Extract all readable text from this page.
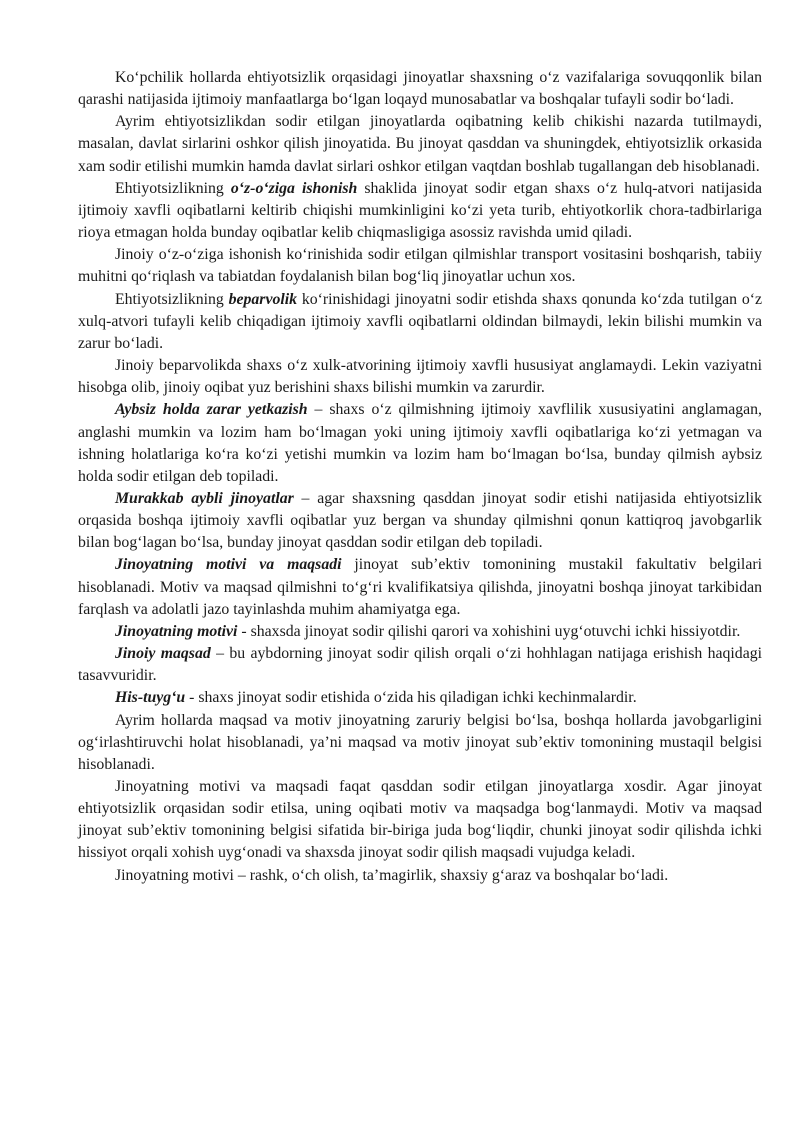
Koʻpchilik hollarda ehtiyotsizlik orqasidagi jinoyatlar shaxsning oʻz vazifalariga sovuqqonlik bilan qarashi natijasida ijtimoiy manfaatlarga boʻlgan loqayd munosabatlar va boshqalar tufayli sodir boʻladi.

Ayrim ehtiyotsizlikdan sodir etilgan jinoyatlarda oqibatning kelib chikishi nazarda tutilmaydi, masalan, davlat sirlarini oshkor qilish jinoyatida. Bu jinoyat qasddan va shuningdek, ehtiyotsizlik orkasida xam sodir etilishi mumkin hamda davlat sirlari oshkor etilgan vaqtdan boshlab tugallangan deb hisoblanadi.

Ehtiyotsizlikning oʻz-oʻziga ishonish shaklida jinoyat sodir etgan shaxs oʻz hulq-atvori natijasida ijtimoiy xavfli oqibatlarni keltirib chiqishi mumkinligini koʻzi yeta turib, ehtiyotkorlik chora-tadbirlariga rioya etmagan holda bunday oqibatlar kelib chiqmasligiga asossiz ravishda umid qiladi.

Jinoiy oʻz-oʻziga ishonish koʻrinishida sodir etilgan qilmishlar transport vositasini boshqarish, tabiiy muhitni qoʻriqlash va tabiatdan foydalanish bilan bogʻliq jinoyatlar uchun xos.

Ehtiyotsizlikning beparvolik koʻrinishidagi jinoyatni sodir etishda shaxs qonunda koʻzda tutilgan oʻz xulq-atvori tufayli kelib chiqadigan ijtimoiy xavfli oqibatlarni oldindan bilmaydi, lekin bilishi mumkin va zarur boʻladi.

Jinoiy beparvolikda shaxs oʻz xulk-atvorining ijtimoiy xavfli hususiyat anglamaydi. Lekin vaziyatni hisobga olib, jinoiy oqibat yuz berishini shaxs bilishi mumkin va zarurdir.

Aybsiz holda zarar yetkazish – shaxs oʻz qilmishning ijtimoiy xavflilik xususiyatini anglamagan, anglashi mumkin va lozim ham boʻlmagan yoki uning ijtimoiy xavfli oqibatlariga koʻzi yetmagan va ishning holatlariga koʻra koʻzi yetishi mumkin va lozim ham boʻlmagan boʻlsa, bunday qilmish aybsiz holda sodir etilgan deb topiladi.

Murakkab aybli jinoyatlar – agar shaxsning qasddan jinoyat sodir etishi natijasida ehtiyotsizlik orqasida boshqa ijtimoiy xavfli oqibatlar yuz bergan va shunday qilmishni qonun kattiqroq javobgarlik bilan bogʻlagan boʻlsa, bunday jinoyat qasddan sodir etilgan deb topiladi.

Jinoyatning motivi va maqsadi jinoyat sub’ektiv tomonining mustakil fakultativ belgilari hisoblanadi. Motiv va maqsad qilmishni toʻgʻri kvalifikatsiya qilishda, jinoyatni boshqa jinoyat tarkibidan farqlash va adolatli jazo tayinlashda muhim ahamiyatga ega.

Jinoyatning motivi - shaxsda jinoyat sodir qilishi qarori va xohishini uygʻotuvchi ichki hissiyotdir.

Jinoiy maqsad – bu aybdorning jinoyat sodir qilish orqali oʻzi hohhlagan natijaga erishish haqidagi tasavvuridir.

His-tuygʻu - shaxs jinoyat sodir etishida oʻzida his qiladigan ichki kechinmalardir.

Ayrim hollarda maqsad va motiv jinoyatning zaruriy belgisi boʻlsa, boshqa hollarda javobgarligini ogʻirlashtiruvchi holat hisoblanadi, ya’ni maqsad va motiv jinoyat sub’ektiv tomonining mustaqil belgisi hisoblanadi.

Jinoyatning motivi va maqsadi faqat qasddan sodir etilgan jinoyatlarga xosdir. Agar jinoyat ehtiyotsizlik orqasidan sodir etilsa, uning oqibati motiv va maqsadga bogʻlanmaydi. Motiv va maqsad jinoyat sub’ektiv tomonining belgisi sifatida bir-biriga juda bogʻliqdir, chunki jinoyat sodir qilishda ichki hissiyot orqali xohish uygʻonadi va shaxsda jinoyat sodir qilish maqsadi vujudga keladi.

Jinoyatning motivi – rashk, oʻch olish, ta’magirlik, shaxsiy gʻaraz va boshqalar boʻladi.
